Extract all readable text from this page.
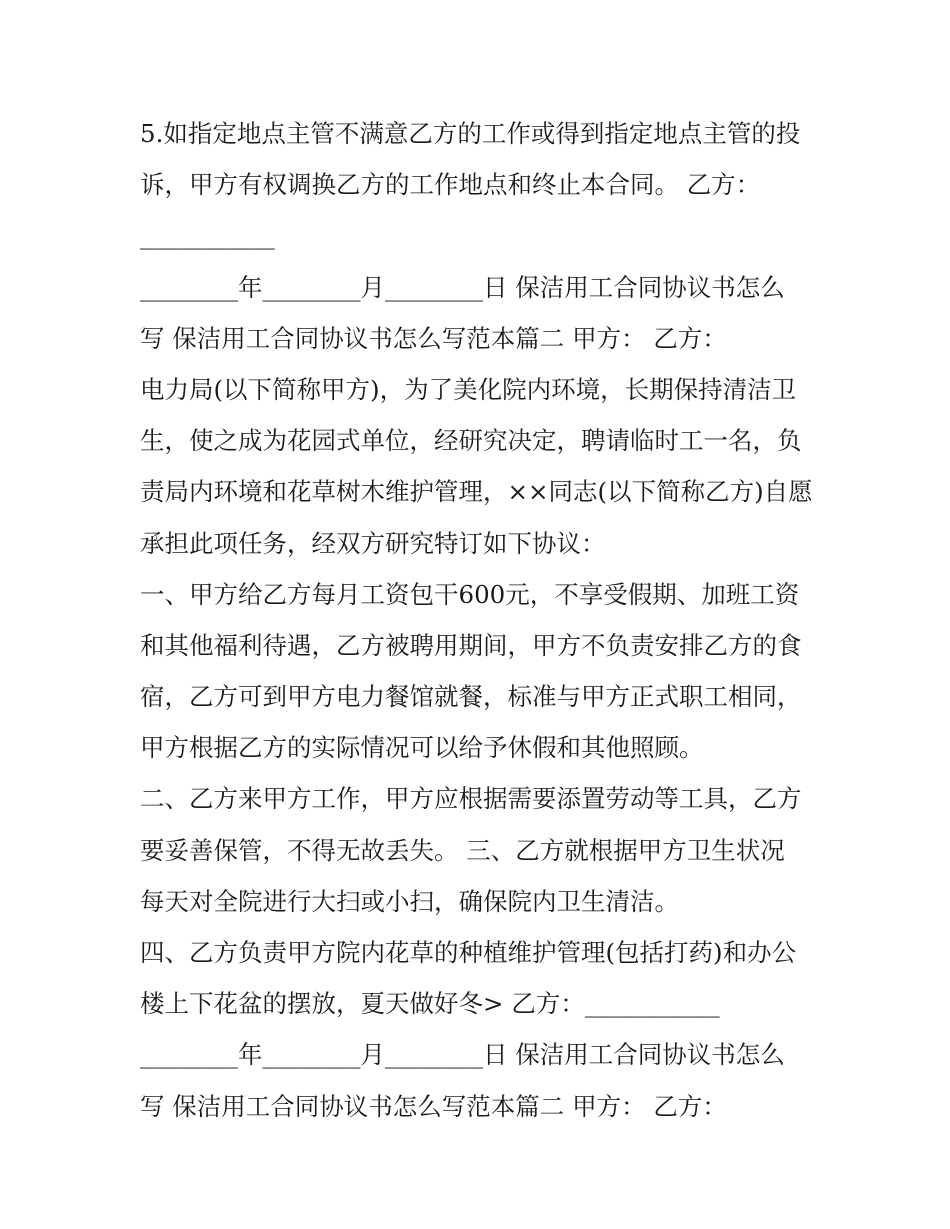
5.如指定地点主管不满意乙方的工作或得到指定地点主管的投
诉，甲方有权调换乙方的工作地点和终止本合同。 乙方：
___________
________年________月________日 保洁用工合同协议书怎么
写 保洁用工合同协议书怎么写范本篇二 甲方： 乙方：
电力局(以下简称甲方)，为了美化院内环境，长期保持清洁卫
生，使之成为花园式单位，经研究决定，聘请临时工一名，负
责局内环境和花草树木维护管理，××同志(以下简称乙方)自愿
承担此项任务，经双方研究特订如下协议：
一、甲方给乙方每月工资包干600元，不享受假期、加班工资
和其他福利待遇，乙方被聘用期间，甲方不负责安排乙方的食
宿，乙方可到甲方电力餐馆就餐，标准与甲方正式职工相同，
甲方根据乙方的实际情况可以给予休假和其他照顾。
二、乙方来甲方工作，甲方应根据需要添置劳动等工具，乙方
要妥善保管，不得无故丢失。 三、乙方就根据甲方卫生状况
每天对全院进行大扫或小扫，确保院内卫生清洁。
四、乙方负责甲方院内花草的种植维护管理(包括打药)和办公
楼上下花盆的摆放，夏天做好冬> 乙方：___________
________年________月________日 保洁用工合同协议书怎么
写 保洁用工合同协议书怎么写范本篇二 甲方： 乙方：
